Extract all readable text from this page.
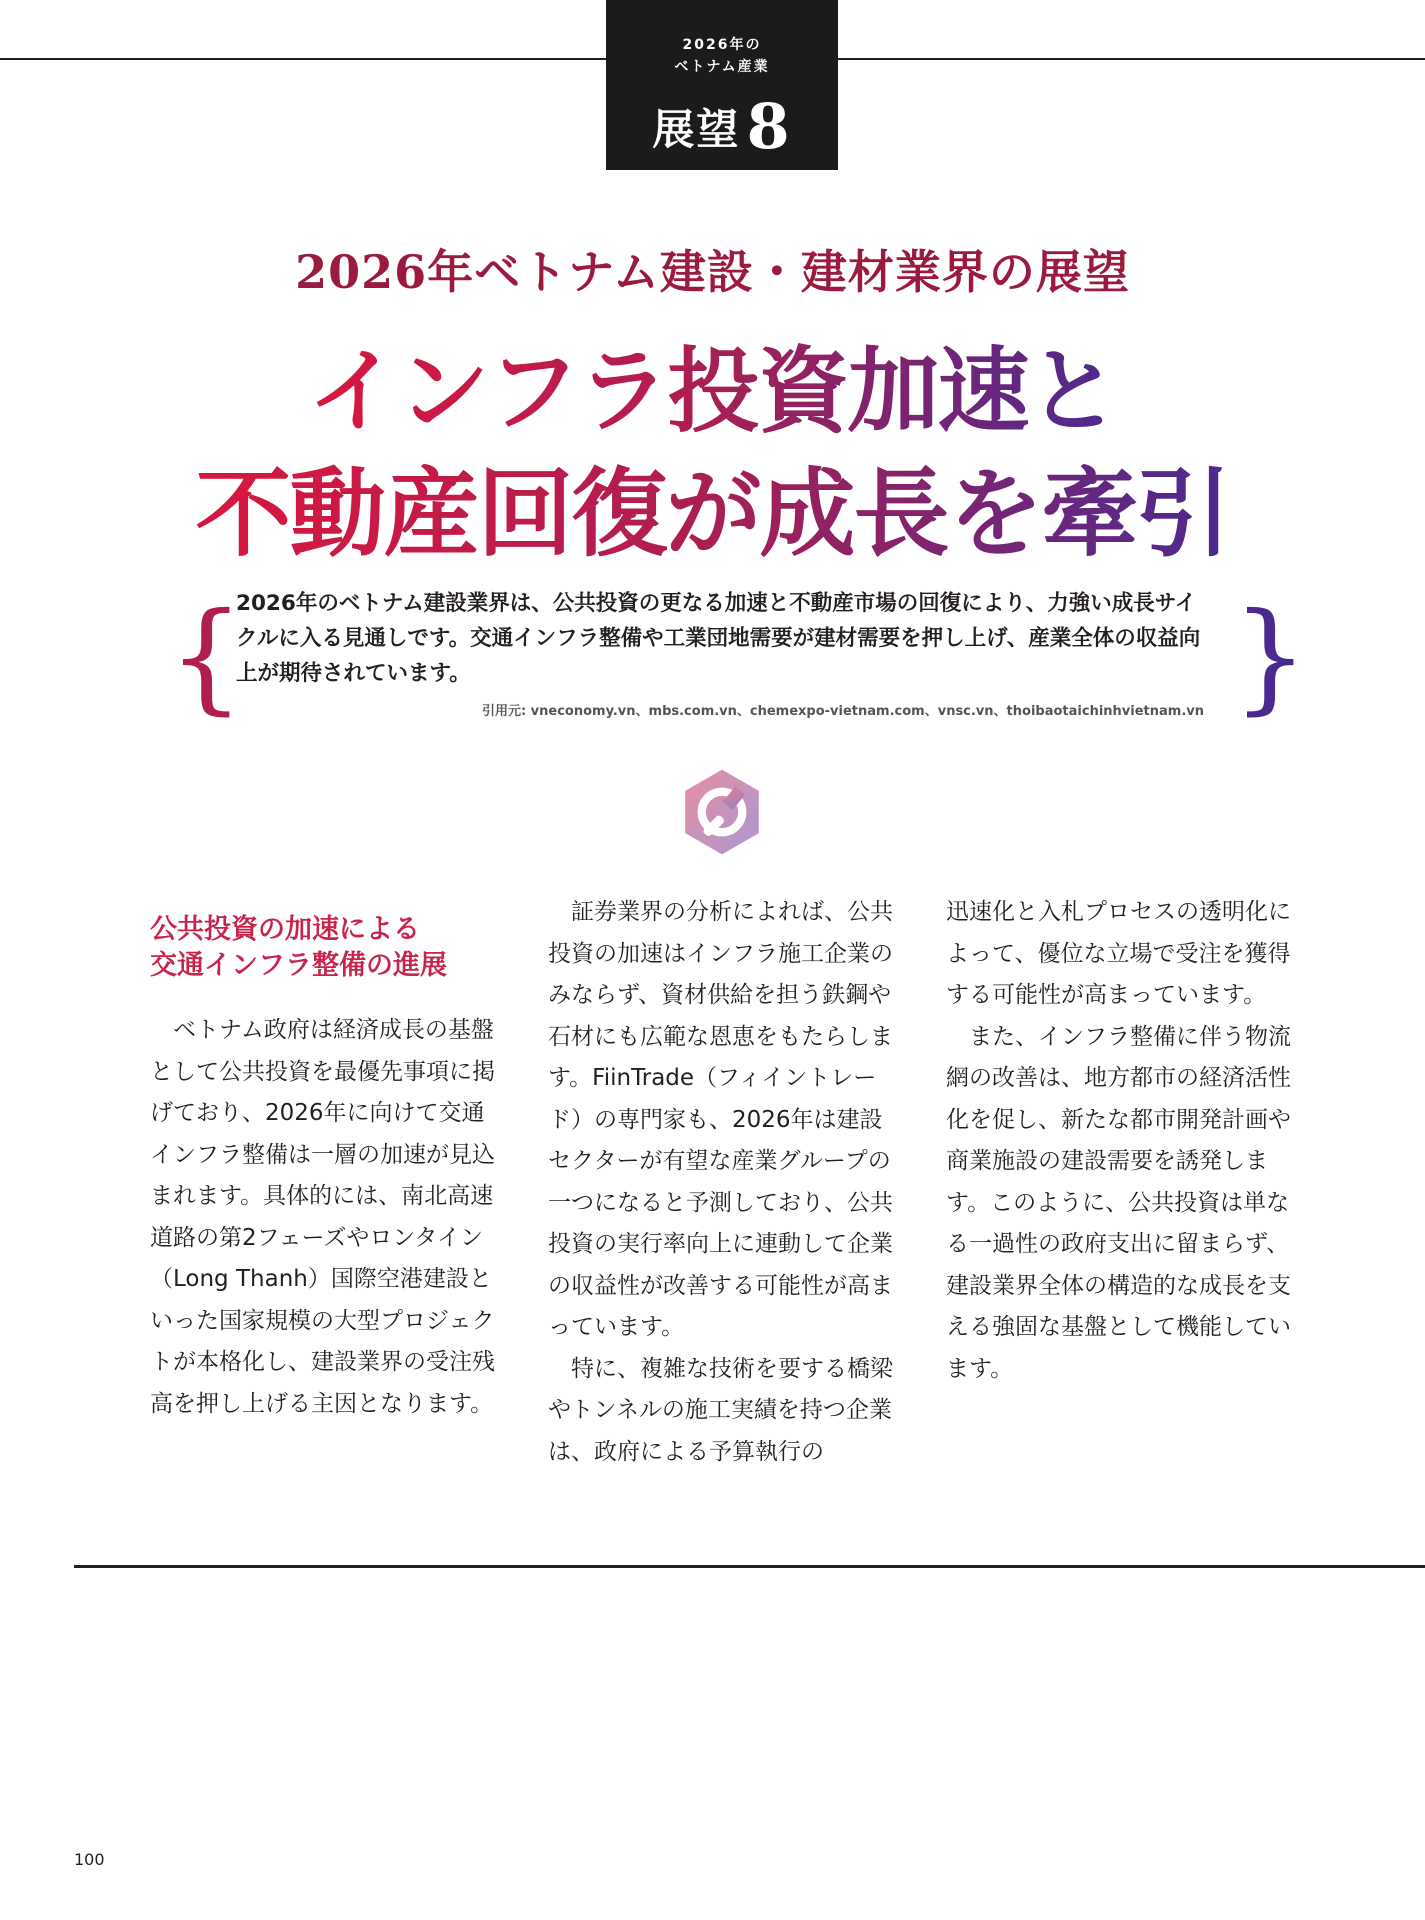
2026年の
ベトナム産業
展望8
2026年ベトナム建設・建材業界の展望
インフラ投資加速と
不動産回復が成長を牽引
{	}

2026年のベトナム建設業界は、公共投資の更なる加速と不動産市場の回復により、力強い成長サイクルに入る見通しです。交通インフラ整備や工業団地需要が建材需要を押し上げ、産業全体の収益向上が期待されています。

引用元: vneconomy.vn、mbs.com.vn、chemexpo-vietnam.com、vnsc.vn、thoibaotaichinhvietnam.vn
公共投資の加速による
交通インフラ整備の進展

ベトナム政府は経済成長の基盤として公共投資を最優先事項に掲げており、2026年に向けて交通インフラ整備は一層の加速が見込まれます。具体的には、南北高速道路の第2フェーズやロンタイン（Long Thanh）国際空港建設といった国家規模の大型プロジェクトが本格化し、建設業界の受注残高を押し上げる主因となります。

証券業界の分析によれば、公共投資の加速はインフラ施工企業のみならず、資材供給を担う鉄鋼や石材にも広範な恩恵をもたらします。FiinTrade（フィイントレード）の専門家も、2026年は建設セクターが有望な産業グループの一つになると予測しており、公共投資の実行率向上に連動して企業の収益性が改善する可能性が高まっています。

特に、複雑な技術を要する橋梁やトンネルの施工実績を持つ企業は、政府による予算執行の

迅速化と入札プロセスの透明化によって、優位な立場で受注を獲得する可能性が高まっています。

また、インフラ整備に伴う物流網の改善は、地方都市の経済活性化を促し、新たな都市開発計画や商業施設の建設需要を誘発します。このように、公共投資は単なる一過性の政府支出に留まらず、建設業界全体の構造的な成長を支える強固な基盤として機能しています。

100
